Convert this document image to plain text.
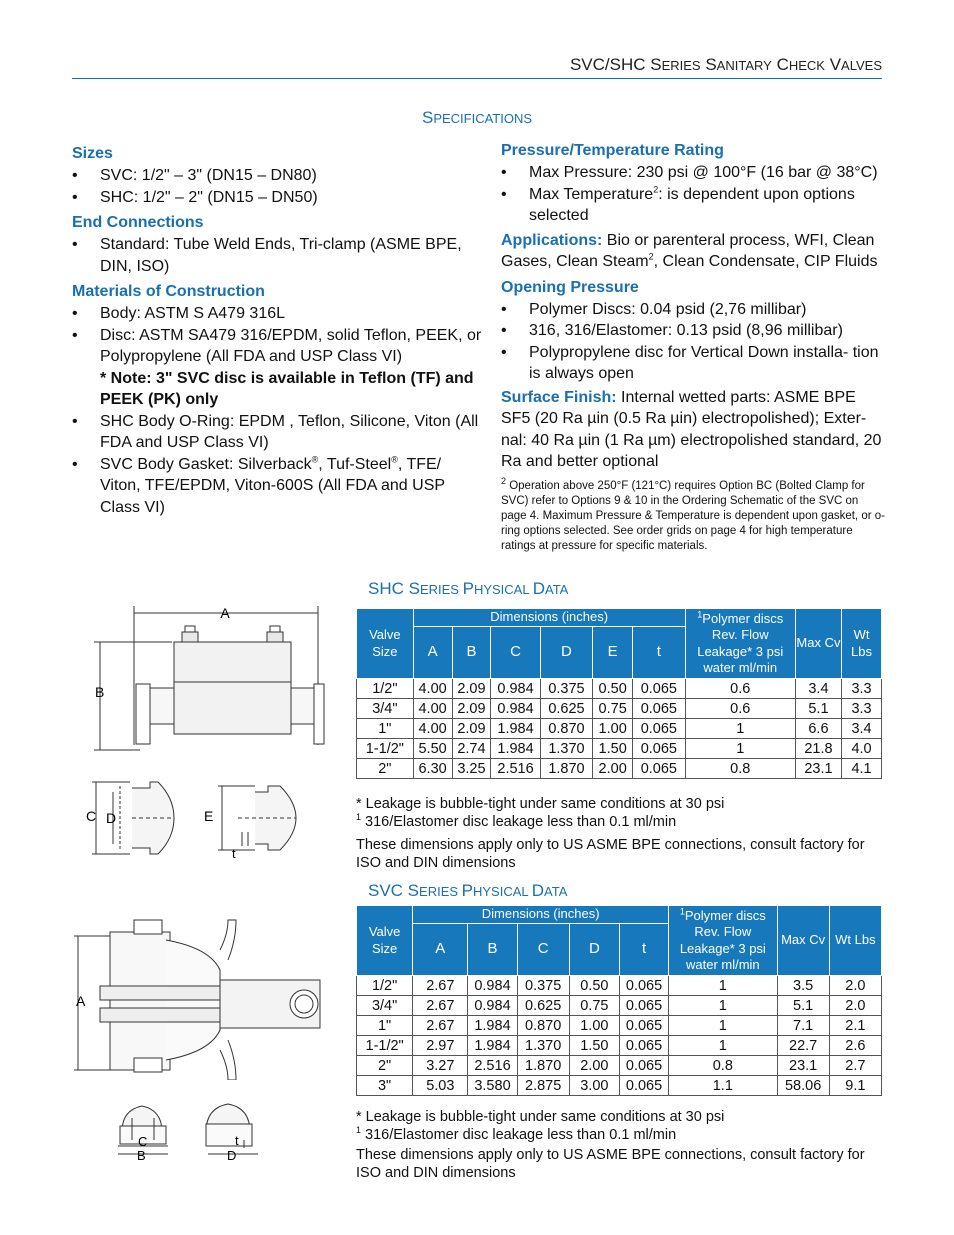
SVC/SHC SERIES SANITARY CHECK VALVES
SPECIFICATIONS
Sizes
• SVC: 1/2" – 3" (DN15 – DN80)
• SHC: 1/2" – 2" (DN15 – DN50)
End Connections
• Standard: Tube Weld Ends, Tri-clamp (ASME BPE, DIN, ISO)
Materials of Construction
• Body: ASTM S A479 316L
• Disc: ASTM SA479 316/EPDM, solid Teflon, PEEK, or Polypropylene (All FDA and USP Class VI)
* Note: 3" SVC disc is available in Teflon (TF) and PEEK (PK) only
• SHC Body O-Ring: EPDM , Teflon, Silicone, Viton (All FDA and USP Class VI)
• SVC Body Gasket: Silverback®, Tuf-Steel®, TFE/ Viton, TFE/EPDM, Viton-600S (All FDA and USP Class VI)
Pressure/Temperature Rating
• Max Pressure: 230 psi @ 100°F (16 bar @ 38°C)
• Max Temperature$^2$: is dependent upon options selected

Applications: Bio or parenteral process, WFI, Clean Gases, Clean Steam$^2$, Clean Condensate, CIP Fluids

Opening Pressure
• Polymer Discs: 0.04 psid (2,76 millibar)
• 316, 316/Elastomer: 0.13 psid (8,96 millibar)
• Polypropylene disc for Vertical Down installa- tion is always open

Surface Finish: Internal wetted parts: ASME BPE SF5 (20 Ra µin (0.5 Ra µin) electropolished); Exter- nal: 40 Ra µin (1 Ra µm) electropolished standard, 20 Ra and better optional

$^2$ Operation above 250°F (121°C) requires Option BC (Bolted Clamp for SVC) refer to Options 9 & 10 in the Ordering Schematic of the SVC on page 4. Maximum Pressure & Temperature is dependent upon gasket, or o-ring options selected. See order grids on page 4 for high temperature ratings at pressure for specific materials.

SHC SERIES PHYSICAL DATA
Valve Size	Dimensions (inches)						$^1$Polymer discs Rev. Flow Leakage* 3 psi water ml/min	Max Cv	Wt Lbs
	A	B	C	D	E	t			
1/2"	4.00	2.09	0.984	0.375	0.50	0.065	0.6	3.4	3.3
3/4"	4.00	2.09	0.984	0.625	0.75	0.065	0.6	5.1	3.3
1"	4.00	2.09	1.984	0.870	1.00	0.065	1	6.6	3.4
1-1/2"	5.50	2.74	1.984	1.370	1.50	0.065	1	21.8	4.0
2"	6.30	3.25	2.516	1.870	2.00	0.065	0.8	23.1	4.1
* Leakage is bubble-tight under same conditions at 30 psi
$^1$ 316/Elastomer disc leakage less than 0.1 ml/min
These dimensions apply only to US ASME BPE connections, consult factory for ISO and DIN dimensions
SVC SERIES PHYSICAL DATA
Valve Size	Dimensions (inches)					$^1$Polymer discs Rev. Flow Leakage* 3 psi water ml/min	Max Cv	Wt Lbs
	A	B	C	D	t			
1/2"	2.67	0.984	0.375	0.50	0.065	1	3.5	2.0
3/4"	2.67	0.984	0.625	0.75	0.065	1	5.1	2.0
1"	2.67	1.984	0.870	1.00	0.065	1	7.1	2.1
1-1/2"	2.97	1.984	1.370	1.50	0.065	1	22.7	2.6
2"	3.27	2.516	1.870	2.00	0.065	0.8	23.1	2.7
3"	5.03	3.580	2.875	3.00	0.065	1.1	58.06	9.1
* Leakage is bubble-tight under same conditions at 30 psi
$^1$ 316/Elastomer disc leakage less than 0.1 ml/min
These dimensions apply only to US ASME BPE connections, consult factory for ISO and DIN dimensions
A
B
C D	E
t
A
C
B
t
D
